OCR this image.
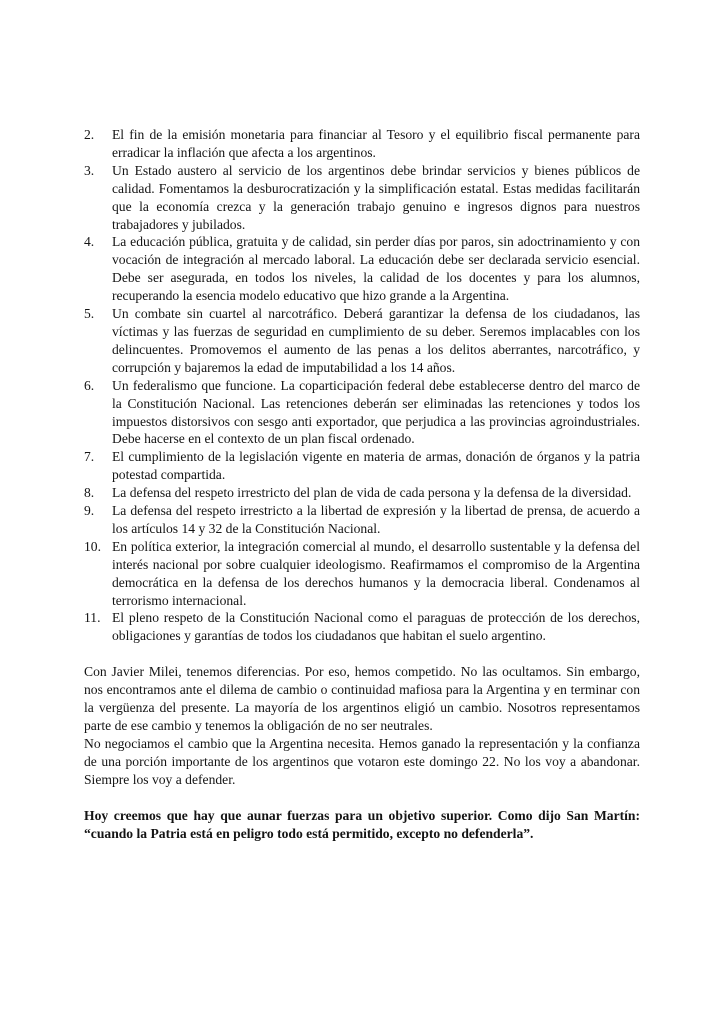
2.	El fin de la emisión monetaria para financiar al Tesoro y el equilibrio fiscal permanente para erradicar la inflación que afecta a los argentinos.
3.	Un Estado austero al servicio de los argentinos debe brindar servicios y bienes públicos de calidad. Fomentamos la desburocratización y la simplificación estatal. Estas medidas facilitarán que la economía crezca y la generación trabajo genuino e ingresos dignos para nuestros trabajadores y jubilados.
4.	La educación pública, gratuita y de calidad, sin perder días por paros, sin adoctrinamiento y con vocación de integración al mercado laboral. La educación debe ser declarada servicio esencial. Debe ser asegurada, en todos los niveles, la calidad de los docentes y para los alumnos, recuperando la esencia modelo educativo que hizo grande a la Argentina.
5.	Un combate sin cuartel al narcotráfico. Deberá garantizar la defensa de los ciudadanos, las víctimas y las fuerzas de seguridad en cumplimiento de su deber. Seremos implacables con los delincuentes. Promovemos el aumento de las penas a los delitos aberrantes, narcotráfico, y corrupción y bajaremos la edad de imputabilidad a los 14 años.
6.	Un federalismo que funcione. La coparticipación federal debe establecerse dentro del marco de la Constitución Nacional. Las retenciones deberán ser eliminadas las retenciones y todos los impuestos distorsivos con sesgo anti exportador, que perjudica a las provincias agroindustriales. Debe hacerse en el contexto de un plan fiscal ordenado.
7.	El cumplimiento de la legislación vigente en materia de armas, donación de órganos y la patria potestad compartida.
8.	La defensa del respeto irrestricto del plan de vida de cada persona y la defensa de la diversidad.
9.	La defensa del respeto irrestricto a la libertad de expresión y la libertad de prensa, de acuerdo a los artículos 14 y 32 de la Constitución Nacional.
10. En política exterior, la integración comercial al mundo, el desarrollo sustentable y la defensa del interés nacional por sobre cualquier ideologismo. Reafirmamos el compromiso de la Argentina democrática en la defensa de los derechos humanos y la democracia liberal. Condenamos al terrorismo internacional.
11. El pleno respeto de la Constitución Nacional como el paraguas de protección de los derechos, obligaciones y garantías de todos los ciudadanos que habitan el suelo argentino.

Con Javier Milei, tenemos diferencias. Por eso, hemos competido. No las ocultamos. Sin embargo, nos encontramos ante el dilema de cambio o continuidad mafiosa para la Argentina y en terminar con la vergüenza del presente. La mayoría de los argentinos eligió un cambio. Nosotros representamos parte de ese cambio y tenemos la obligación de no ser neutrales.

No negociamos el cambio que la Argentina necesita. Hemos ganado la representación y la confianza de una porción importante de los argentinos que votaron este domingo 22. No los voy a abandonar. Siempre los voy a defender.

Hoy creemos que hay que aunar fuerzas para un objetivo superior. Como dijo San Martín: “cuando la Patria está en peligro todo está permitido, excepto no defenderla”.
